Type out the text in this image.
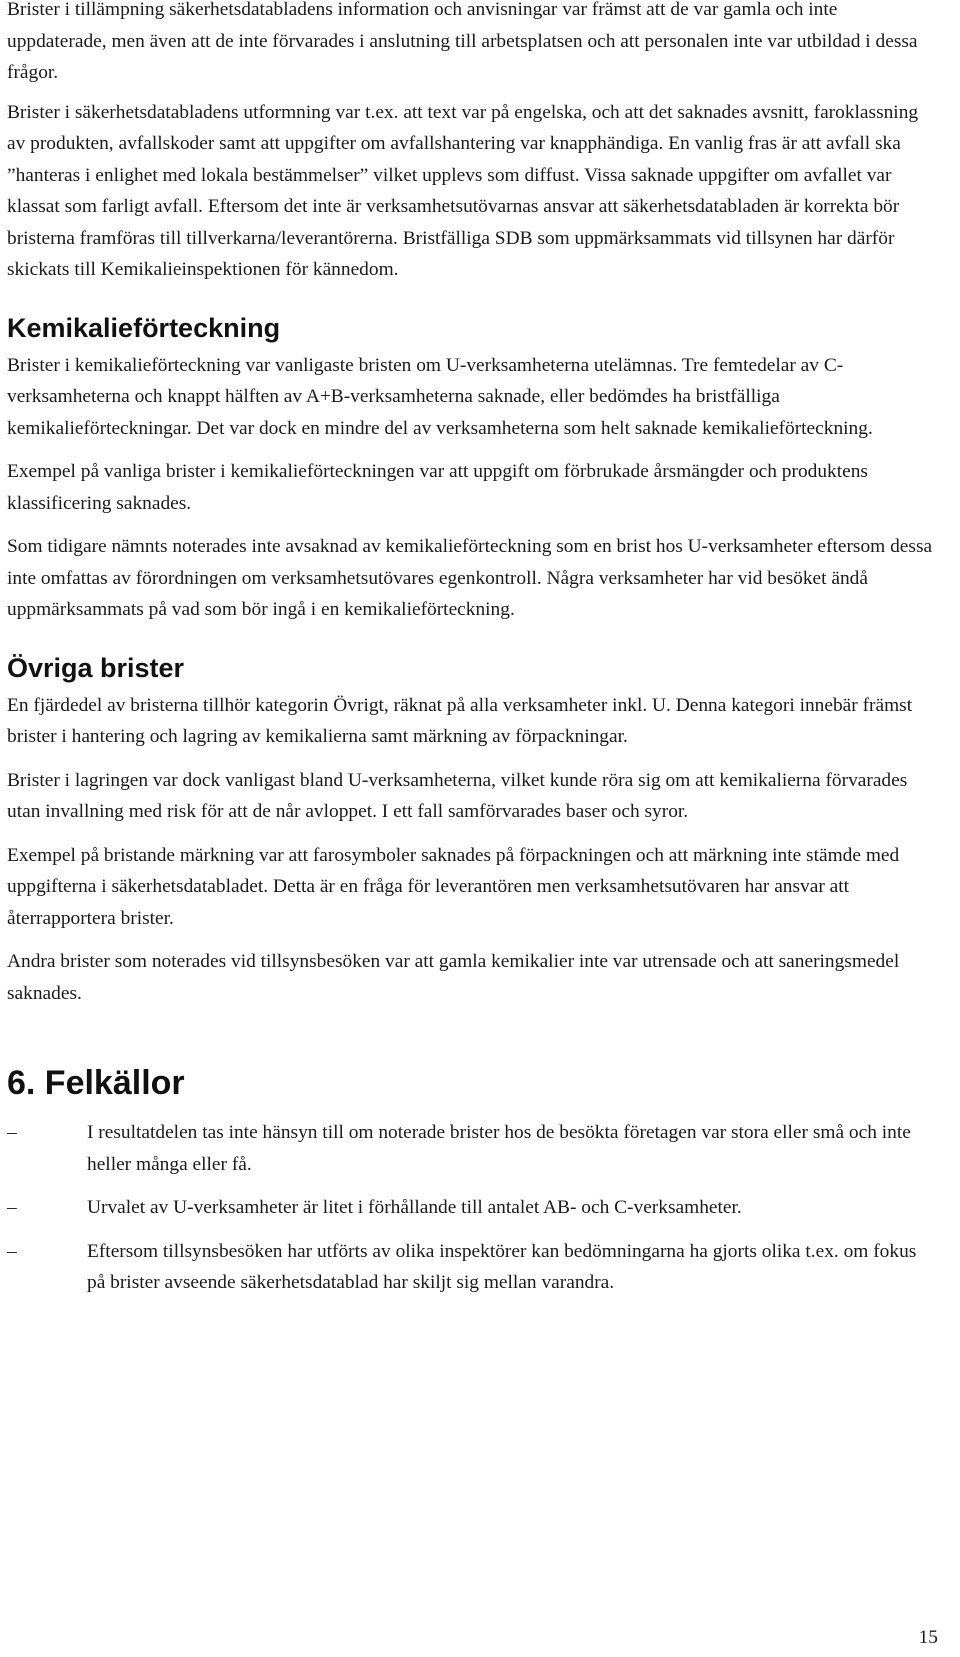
Brister i tillämpning säkerhetsdatabladens information och anvisningar var främst att de var gamla och inte uppdaterade, men även att de inte förvarades i anslutning till arbetsplatsen och att personalen inte var utbildad i dessa frågor.

Brister i säkerhetsdatabladens utformning var t.ex. att text var på engelska, och att det saknades avsnitt, faroklassning av produkten, avfallskoder samt att uppgifter om avfallshantering var knapphändiga. En vanlig fras är att avfall ska ”hanteras i enlighet med lokala bestämmelser” vilket upplevs som diffust. Vissa saknade uppgifter om avfallet var klassat som farligt avfall. Eftersom det inte är verksamhetsutövarnas ansvar att säkerhetsdatabladen är korrekta bör bristerna framföras till tillverkarna/leverantörerna. Bristfälliga SDB som uppmärksammats vid tillsynen har därför skickats till Kemikalieinspektionen för kännedom.

Kemikalieförteckning

Brister i kemikalieförteckning var vanligaste bristen om U-verksamheterna utelämnas. Tre femtedelar av C-verksamheterna och knappt hälften av A+B-verksamheterna saknade, eller bedömdes ha bristfälliga kemikalieförteckningar. Det var dock en mindre del av verksamheterna som helt saknade kemikalieförteckning.

Exempel på vanliga brister i kemikalieförteckningen var att uppgift om förbrukade årsmängder och produktens klassificering saknades.

Som tidigare nämnts noterades inte avsaknad av kemikalieförteckning som en brist hos U-verksamheter eftersom dessa inte omfattas av förordningen om verksamhetsutövares egenkontroll. Några verksamheter har vid besöket ändå uppmärksammats på vad som bör ingå i en kemikalieförteckning.

Övriga brister

En fjärdedel av bristerna tillhör kategorin Övrigt, räknat på alla verksamheter inkl. U. Denna kategori innebär främst brister i hantering och lagring av kemikalierna samt märkning av förpackningar.

Brister i lagringen var dock vanligast bland U-verksamheterna, vilket kunde röra sig om att kemikalierna förvarades utan invallning med risk för att de når avloppet. I ett fall samförvarades baser och syror.

Exempel på bristande märkning var att farosymboler saknades på förpackningen och att märkning inte stämde med uppgifterna i säkerhetsdatabladet. Detta är en fråga för leverantören men verksamhetsutövaren har ansvar att återrapportera brister.

Andra brister som noterades vid tillsynsbesöken var att gamla kemikalier inte var utrensade och att saneringsmedel saknades.

6. Felkällor
–	I resultatdelen tas inte hänsyn till om noterade brister hos de besökta företagen var stora eller små och inte heller många eller få.
–	Urvalet av U-verksamheter är litet i förhållande till antalet AB- och C-verksamheter.
–	Eftersom tillsynsbesöken har utförts av olika inspektörer kan bedömningarna ha gjorts olika t.ex. om fokus på brister avseende säkerhetsdatablad har skiljt sig mellan varandra.
15
